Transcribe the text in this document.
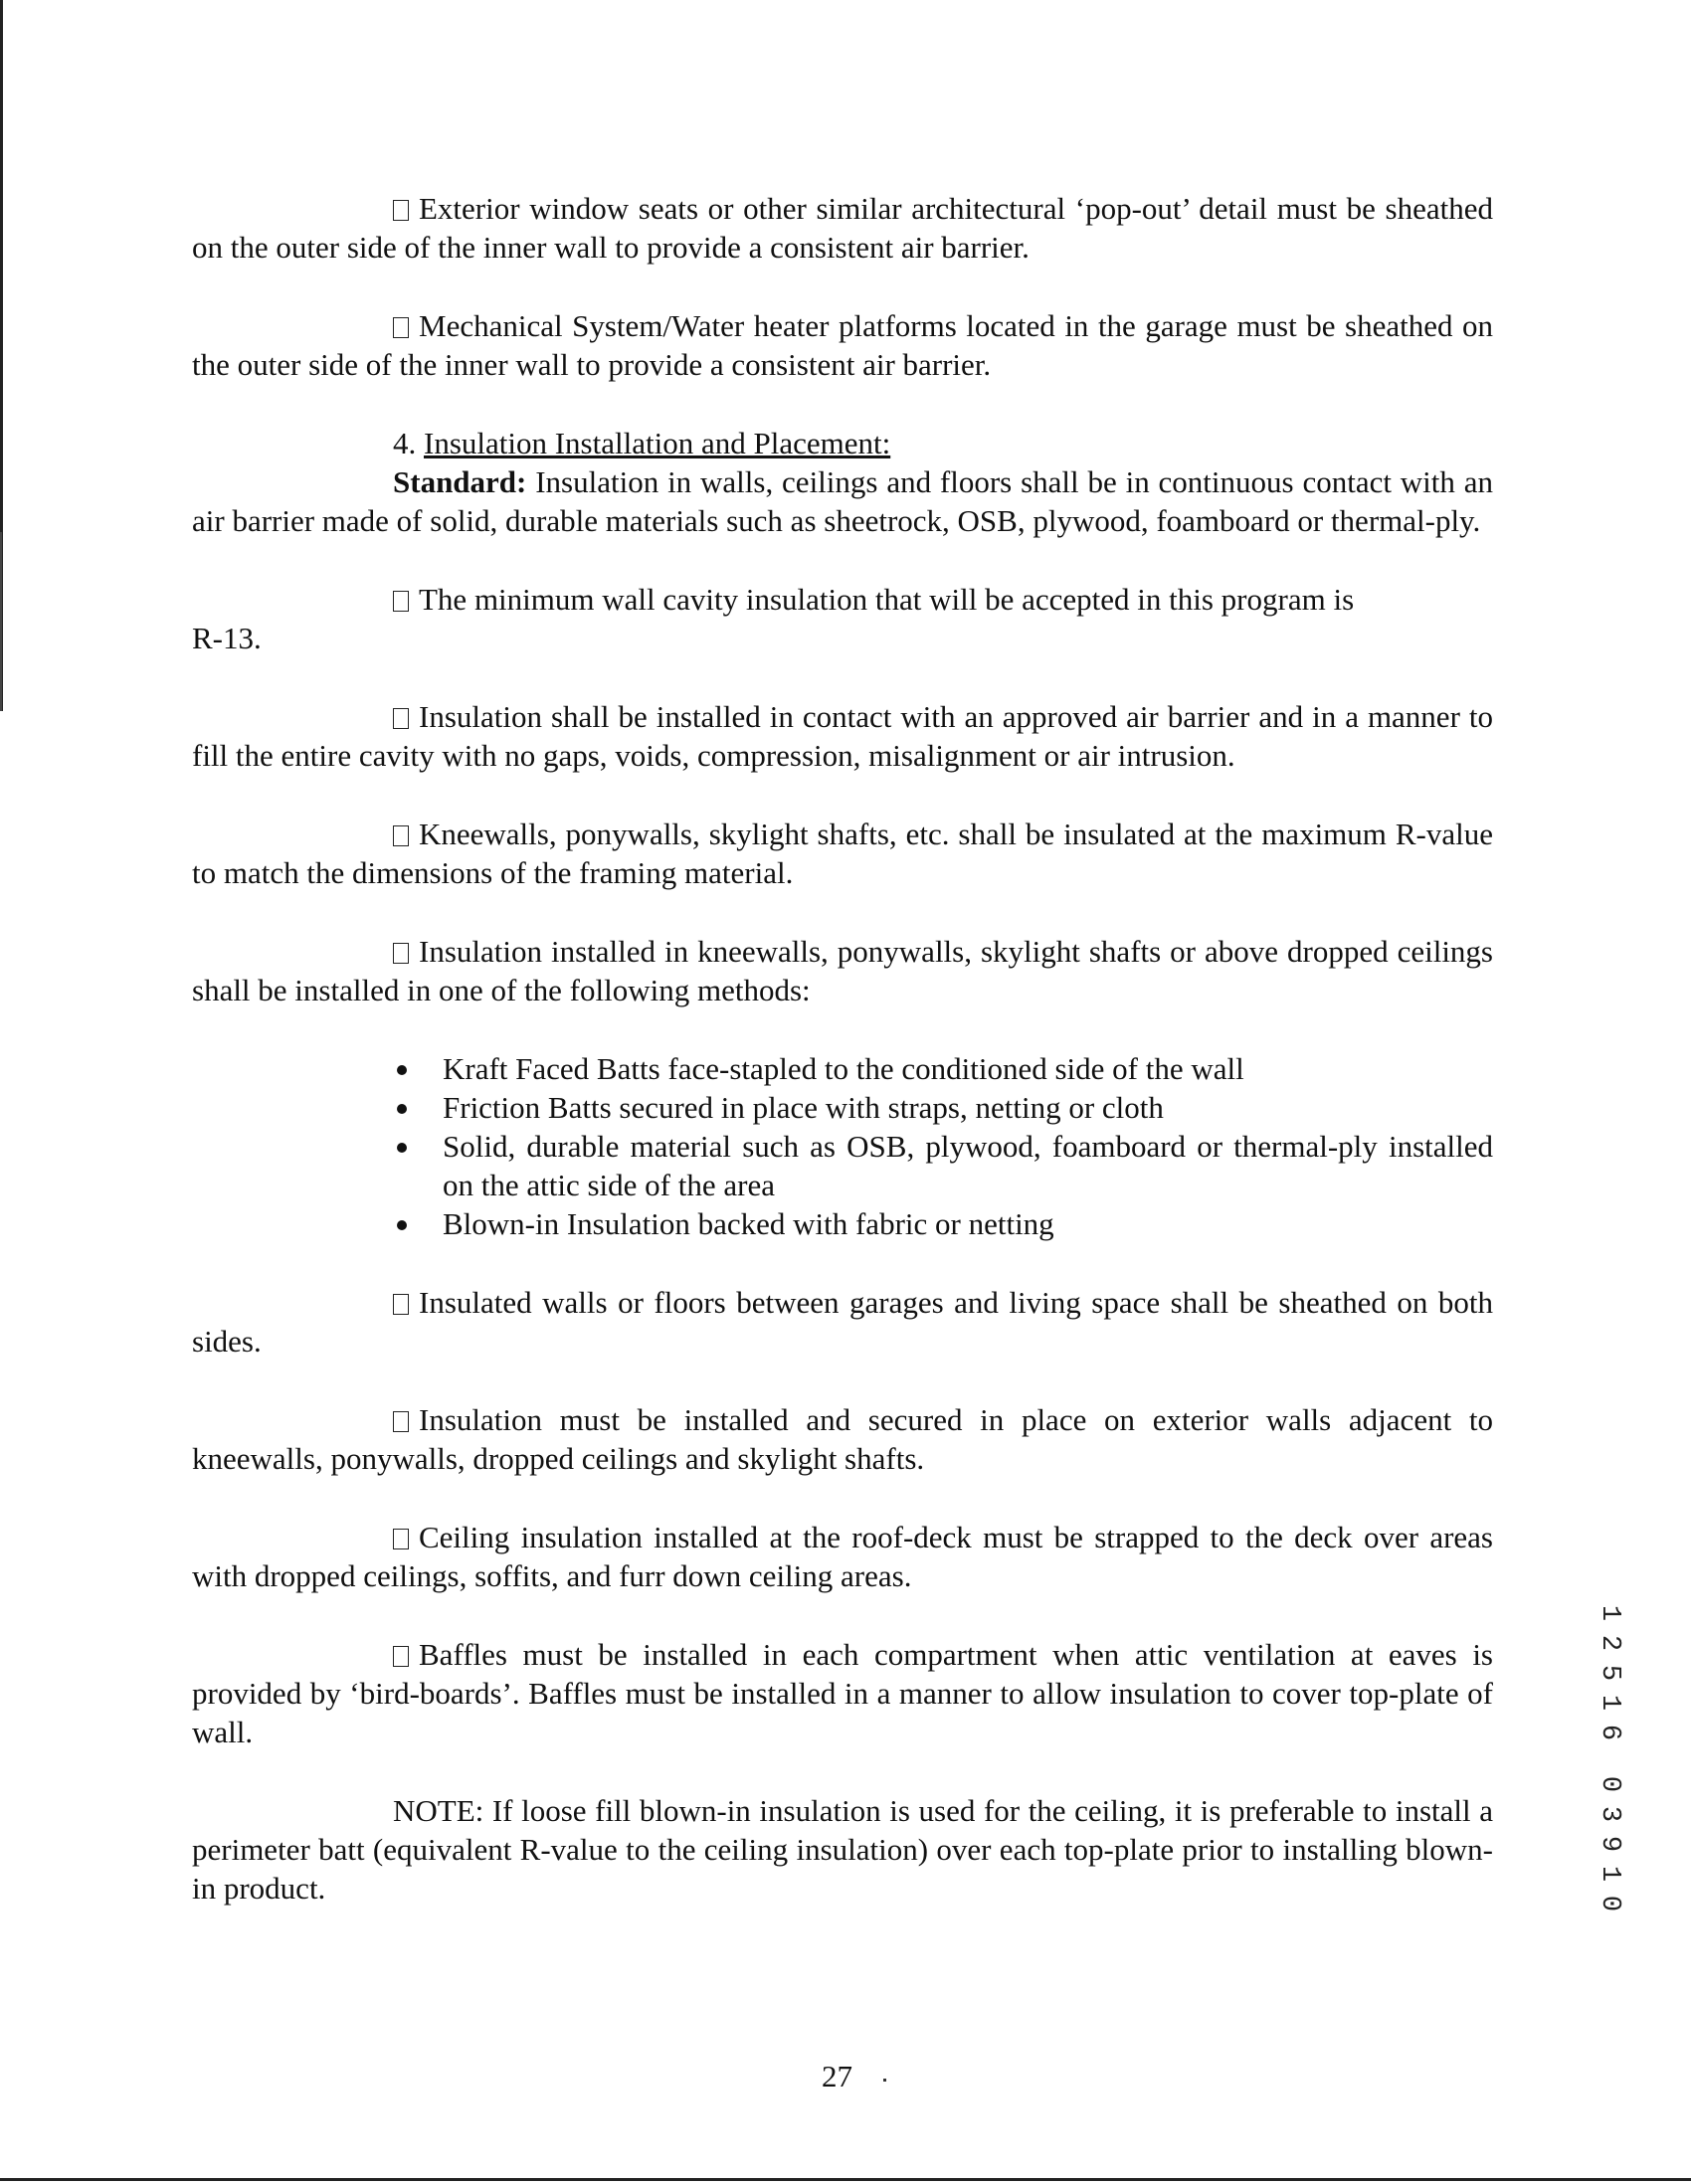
Exterior window seats or other similar architectural ‘pop-out’ detail must be sheathed on the outer side of the inner wall to provide a consistent air barrier.

Mechanical System/Water heater platforms located in the garage must be sheathed on the outer side of the inner wall to provide a consistent air barrier.

4. Insulation Installation and Placement:

Standard: Insulation in walls, ceilings and floors shall be in continuous contact with an air barrier made of solid, durable materials such as sheetrock, OSB, plywood, foamboard or thermal-ply.

The minimum wall cavity insulation that will be accepted in this program is

R-13.

Insulation shall be installed in contact with an approved air barrier and in a manner to fill the entire cavity with no gaps, voids, compression, misalignment or air intrusion.

Kneewalls, ponywalls, skylight shafts, etc. shall be insulated at the maximum R-value to match the dimensions of the framing material.

Insulation installed in kneewalls, ponywalls, skylight shafts or above dropped ceilings shall be installed in one of the following methods:

Kraft Faced Batts face-stapled to the conditioned side of the wall
Friction Batts secured in place with straps, netting or cloth
Solid, durable material such as OSB, plywood, foamboard or thermal-ply installed on the attic side of the area
Blown-in Insulation backed with fabric or netting

Insulated walls or floors between garages and living space shall be sheathed on both sides.

Insulation must be installed and secured in place on exterior walls adjacent to kneewalls, ponywalls, dropped ceilings and skylight shafts.

Ceiling insulation installed at the roof-deck must be strapped to the deck over areas with dropped ceilings, soffits, and furr down ceiling areas.

Baffles must be installed in each compartment when attic ventilation at eaves is provided by ‘bird-boards’. Baffles must be installed in a manner to allow insulation to cover top-plate of wall.

NOTE: If loose fill blown-in insulation is used for the ceiling, it is preferable to install a perimeter batt (equivalent R-value to the ceiling insulation) over each top-plate prior to installing blown-in product.

27
1
2
5
1
6
0
3
9
1
0
